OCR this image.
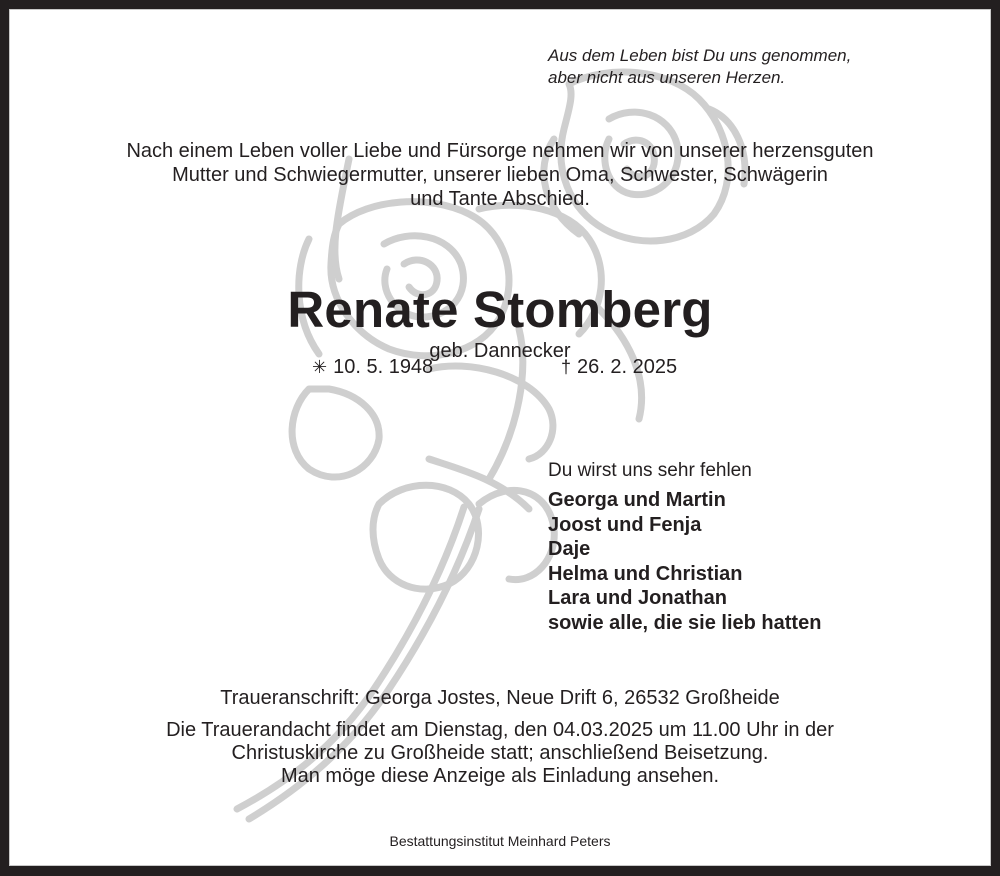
Aus dem Leben bist Du uns genommen,
aber nicht aus unseren Herzen.
Nach einem Leben voller Liebe und Fürsorge nehmen wir von unserer herzensguten
Mutter und Schwiegermutter, unserer lieben Oma, Schwester, Schwägerin
und Tante Abschied.
Renate Stomberg
geb. Dannecker
✳ 10. 5. 1948	† 26. 2. 2025
Du wirst uns sehr fehlen
Georga und Martin
Joost und Fenja
Daje
Helma und Christian
Lara und Jonathan
sowie alle, die sie lieb hatten
Traueranschrift: Georga Jostes, Neue Drift 6, 26532 Großheide
Die Trauerandacht findet am Dienstag, den 04.03.2025 um 11.00 Uhr in der
Christuskirche zu Großheide statt; anschließend Beisetzung.
Man möge diese Anzeige als Einladung ansehen.
Bestattungsinstitut Meinhard Peters
